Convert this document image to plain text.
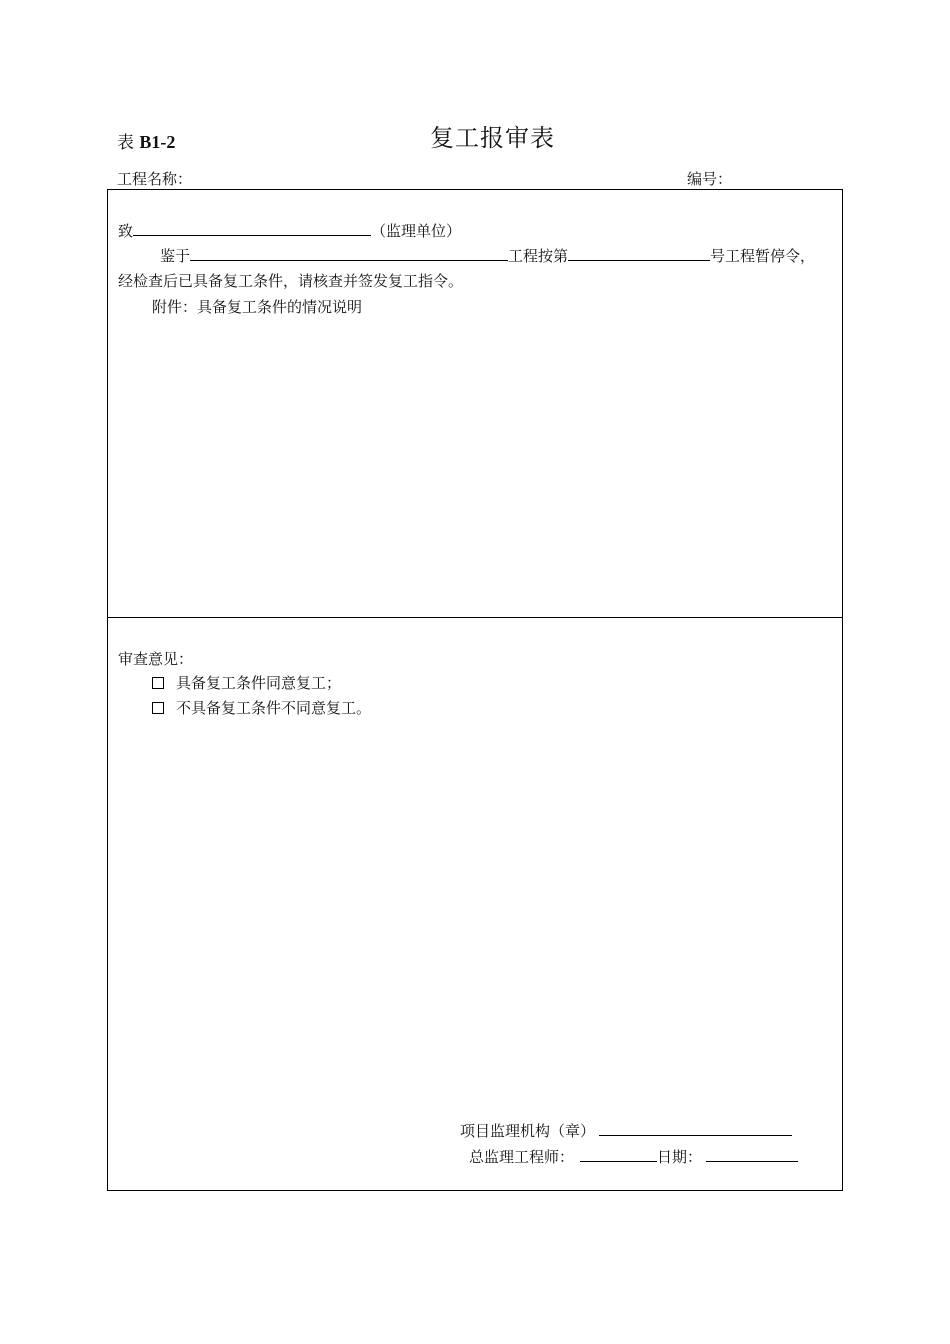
表 B1-2	复工报审表
工程名称：	编号：
致	（监理单位）
鉴于	工程按第	号工程暂停令，
经检查后已具备复工条件，请核查并签发复工指令。
附件：具备复工条件的情况说明
审查意见：
具备复工条件同意复工；
不具备复工条件不同意复工。
项目监理机构（章）
总监理工程师：	日期：
